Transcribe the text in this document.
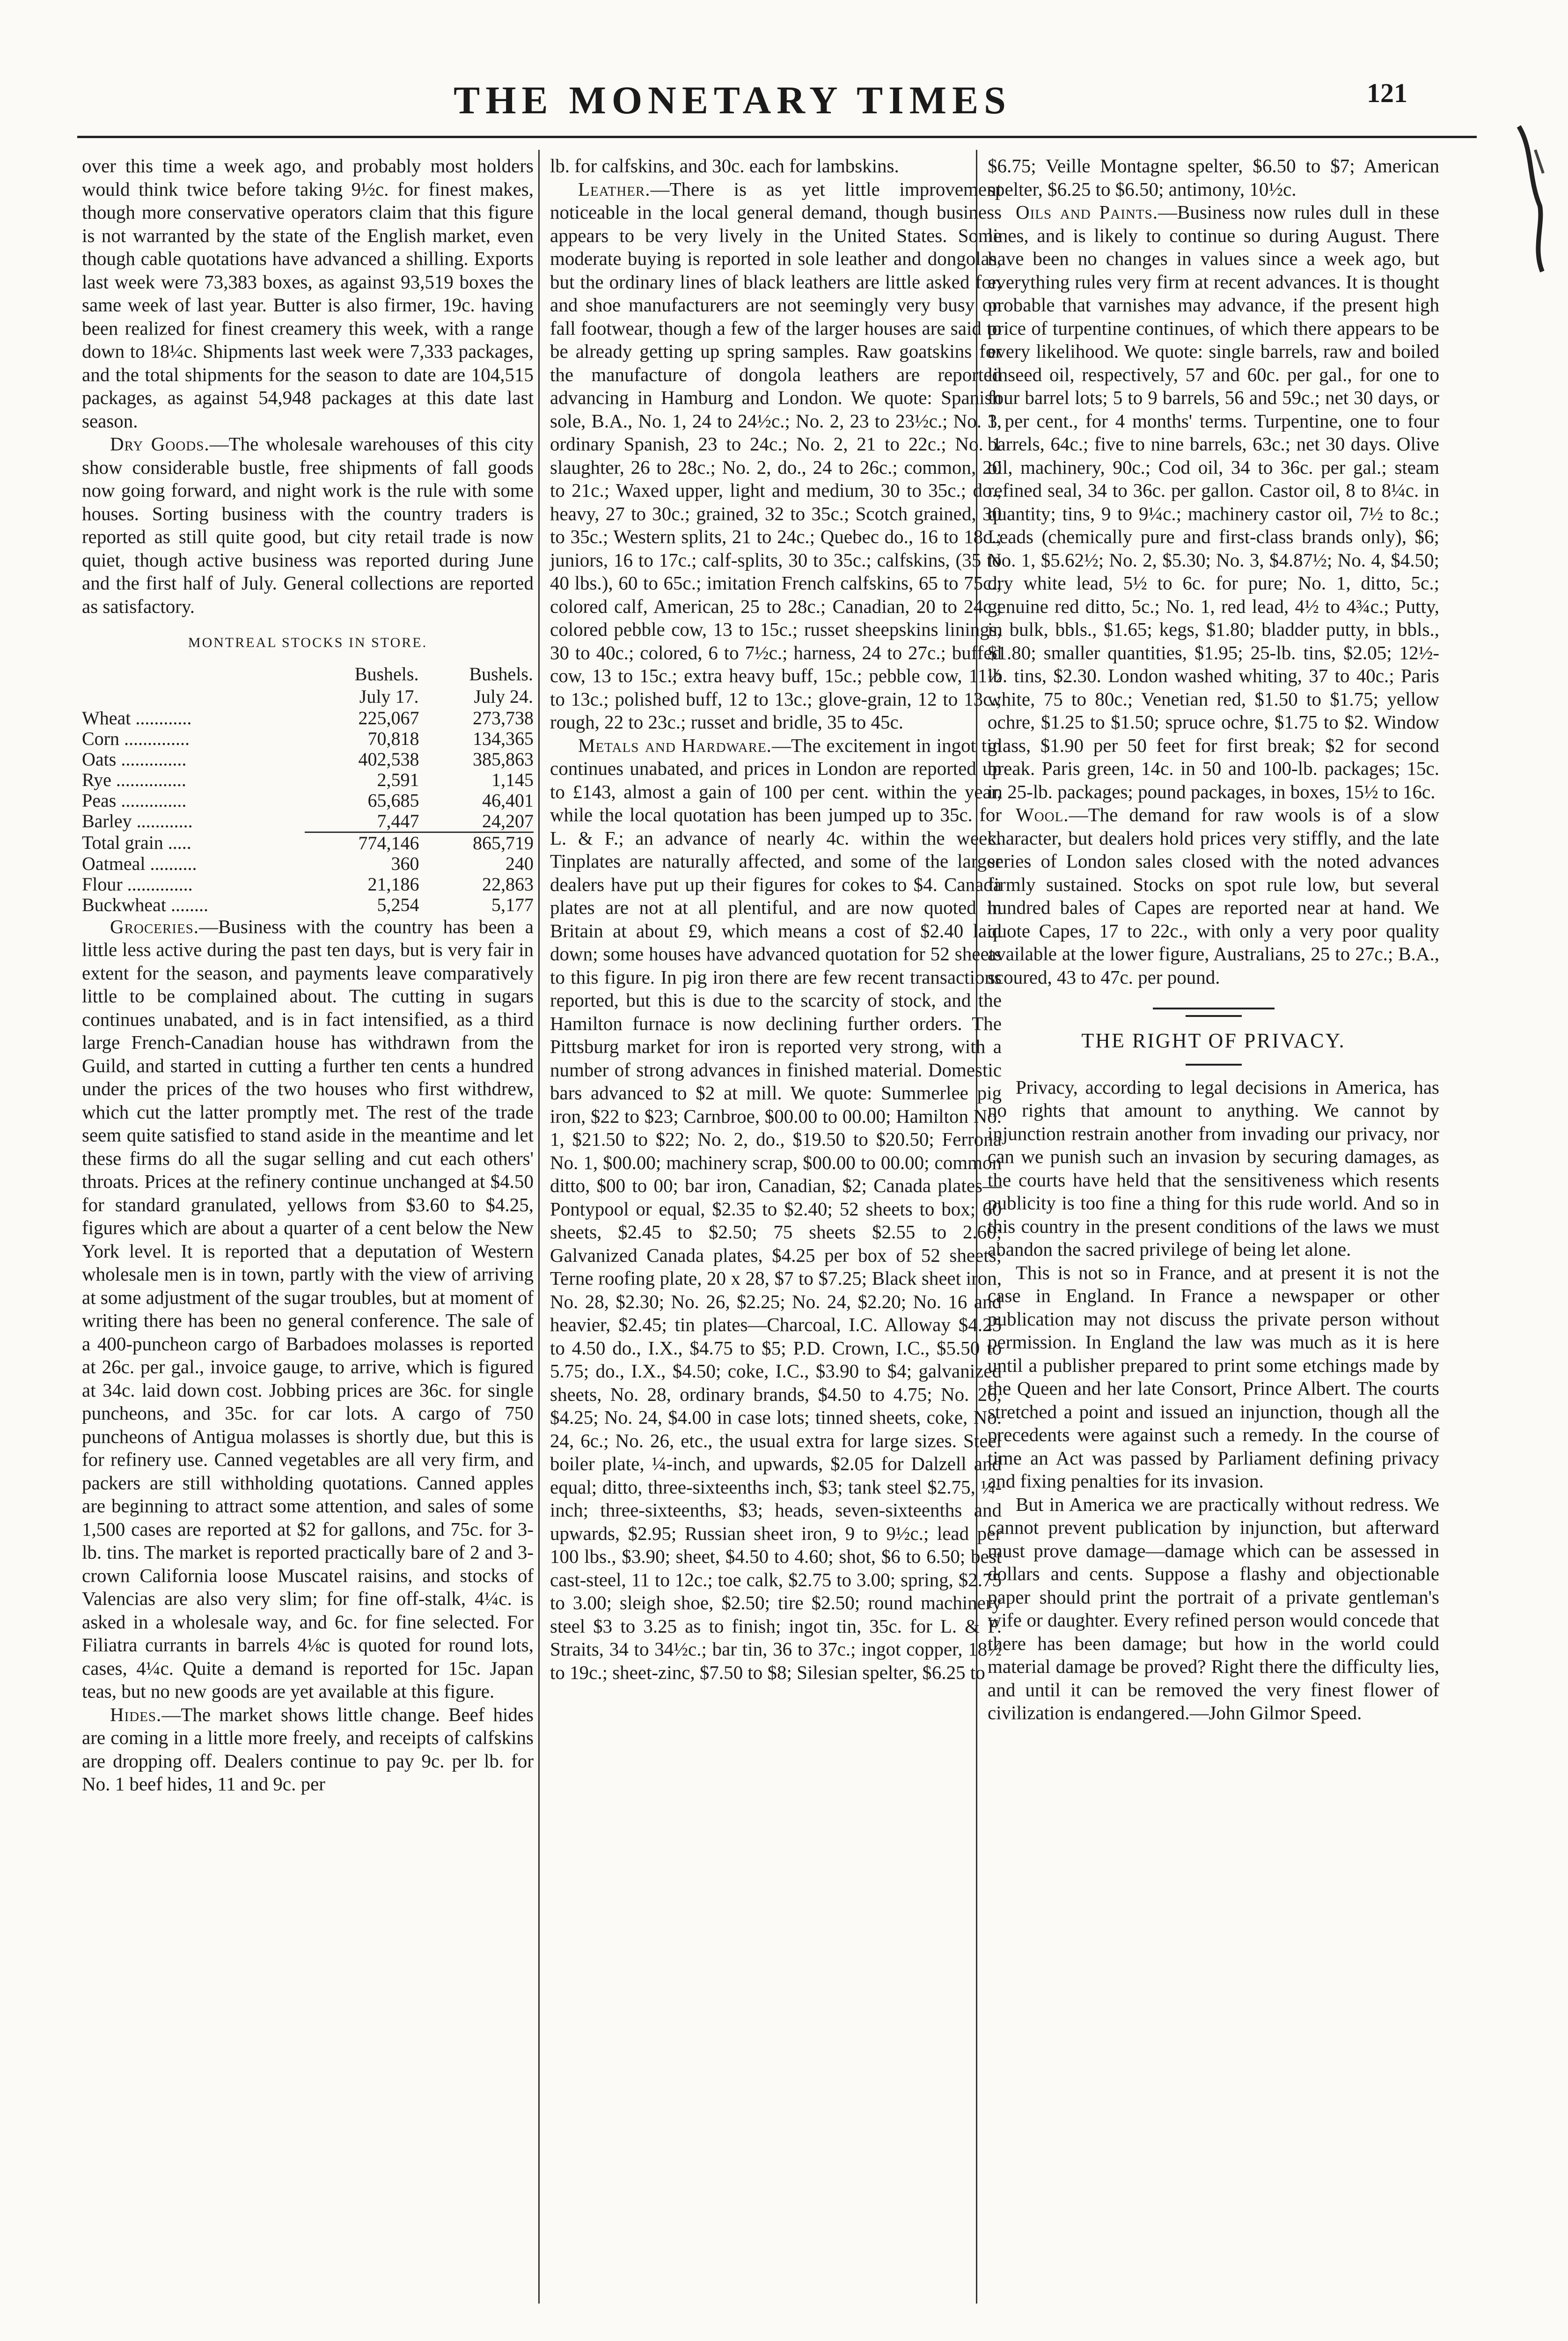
THE MONETARY TIMES	121

over this time a week ago, and probably most holders would think twice before taking 9½c. for finest makes, though more conservative operators claim that this figure is not warranted by the state of the English market, even though cable quotations have advanced a shilling. Exports last week were 73,383 boxes, as against 93,519 boxes the same week of last year. Butter is also firmer, 19c. having been realized for finest creamery this week, with a range down to 18¼c. Shipments last week were 7,333 packages, and the total shipments for the season to date are 104,515 packages, as against 54,948 packages at this date last season.

Dry Goods.—The wholesale warehouses of this city show considerable bustle, free shipments of fall goods now going forward, and night work is the rule with some houses. Sorting business with the country traders is reported as still quite good, but city retail trade is now quiet, though active business was reported during June and the first half of July. General collections are reported as satisfactory.

MONTREAL STOCKS IN STORE.

	Bushels.	Bushels.
	July 17.	July 24.
Wheat ............	225,067	273,738
Corn ..............	70,818	134,365
Oats ..............	402,538	385,863
Rye ...............	2,591	1,145
Peas ..............	65,685	46,401
Barley ............	7,447	24,207
Total grain .....	774,146	865,719
Oatmeal ..........	360	240
Flour ..............	21,186	22,863
Buckwheat ........	5,254	5,177

Groceries.—Business with the country has been a little less active during the past ten days, but is very fair in extent for the season, and payments leave comparatively little to be complained about. The cutting in sugars continues unabated, and is in fact intensified, as a third large French-Canadian house has withdrawn from the Guild, and started in cutting a further ten cents a hundred under the prices of the two houses who first withdrew, which cut the latter promptly met. The rest of the trade seem quite satisfied to stand aside in the meantime and let these firms do all the sugar selling and cut each others' throats. Prices at the refinery continue unchanged at $4.50 for standard granulated, yellows from $3.60 to $4.25, figures which are about a quarter of a cent below the New York level. It is reported that a deputation of Western wholesale men is in town, partly with the view of arriving at some adjustment of the sugar troubles, but at moment of writing there has been no general conference. The sale of a 400-puncheon cargo of Barbadoes molasses is reported at 26c. per gal., invoice gauge, to arrive, which is figured at 34c. laid down cost. Jobbing prices are 36c. for single puncheons, and 35c. for car lots. A cargo of 750 puncheons of Antigua molasses is shortly due, but this is for refinery use. Canned vegetables are all very firm, and packers are still withholding quotations. Canned apples are beginning to attract some attention, and sales of some 1,500 cases are reported at $2 for gallons, and 75c. for 3-lb. tins. The market is reported practically bare of 2 and 3-crown California loose Muscatel raisins, and stocks of Valencias are also very slim; for fine off-stalk, 4¼c. is asked in a wholesale way, and 6c. for fine selected. For Filiatra currants in barrels 4⅛c is quoted for round lots, cases, 4¼c. Quite a demand is reported for 15c. Japan teas, but no new goods are yet available at this figure.

Hides.—The market shows little change. Beef hides are coming in a little more freely, and receipts of calfskins are dropping off. Dealers continue to pay 9c. per lb. for No. 1 beef hides, 11 and 9c. per

lb. for calfskins, and 30c. each for lambskins.

Leather.—There is as yet little improvement noticeable in the local general demand, though business appears to be very lively in the United States. Some moderate buying is reported in sole leather and dongolas, but the ordinary lines of black leathers are little asked for, and shoe manufacturers are not seemingly very busy on fall footwear, though a few of the larger houses are said to be already getting up spring samples. Raw goatskins for the manufacture of dongola leathers are reported advancing in Hamburg and London. We quote: Spanish sole, B.A., No. 1, 24 to 24½c.; No. 2, 23 to 23½c.; No. 1, ordinary Spanish, 23 to 24c.; No. 2, 21 to 22c.; No. 1 slaughter, 26 to 28c.; No. 2, do., 24 to 26c.; common, 20 to 21c.; Waxed upper, light and medium, 30 to 35c.; do., heavy, 27 to 30c.; grained, 32 to 35c.; Scotch grained, 30 to 35c.; Western splits, 21 to 24c.; Quebec do., 16 to 18c.; juniors, 16 to 17c.; calf-splits, 30 to 35c.; calfskins, (35 to 40 lbs.), 60 to 65c.; imitation French calfskins, 65 to 75c.; colored calf, American, 25 to 28c.; Canadian, 20 to 24c.; colored pebble cow, 13 to 15c.; russet sheepskins linings, 30 to 40c.; colored, 6 to 7½c.; harness, 24 to 27c.; buffed cow, 13 to 15c.; extra heavy buff, 15c.; pebble cow, 11½ to 13c.; polished buff, 12 to 13c.; glove-grain, 12 to 13c.; rough, 22 to 23c.; russet and bridle, 35 to 45c.

Metals and Hardware.—The excitement in ingot tin continues unabated, and prices in London are reported up to £143, almost a gain of 100 per cent. within the year, while the local quotation has been jumped up to 35c. for L. & F.; an advance of nearly 4c. within the week. Tinplates are naturally affected, and some of the larger dealers have put up their figures for cokes to $4. Canada plates are not at all plentiful, and are now quoted in Britain at about £9, which means a cost of $2.40 laid down; some houses have advanced quotation for 52 sheets to this figure. In pig iron there are few recent transactions reported, but this is due to the scarcity of stock, and the Hamilton furnace is now declining further orders. The Pittsburg market for iron is reported very strong, with a number of strong advances in finished material. Domestic bars advanced to $2 at mill. We quote: Summerlee pig iron, $22 to $23; Carnbroe, $00.00 to 00.00; Hamilton No. 1, $21.50 to $22; No. 2, do., $19.50 to $20.50; Ferrona No. 1, $00.00; machinery scrap, $00.00 to 00.00; common ditto, $00 to 00; bar iron, Canadian, $2; Canada plates—Pontypool or equal, $2.35 to $2.40; 52 sheets to box; 60 sheets, $2.45 to $2.50; 75 sheets $2.55 to 2.60; Galvanized Canada plates, $4.25 per box of 52 sheets; Terne roofing plate, 20 x 28, $7 to $7.25; Black sheet iron, No. 28, $2.30; No. 26, $2.25; No. 24, $2.20; No. 16 and heavier, $2.45; tin plates—Charcoal, I.C. Alloway $4.25 to 4.50 do., I.X., $4.75 to $5; P.D. Crown, I.C., $5.50 to 5.75; do., I.X., $4.50; coke, I.C., $3.90 to $4; galvanized sheets, No. 28, ordinary brands, $4.50 to 4.75; No. 26, $4.25; No. 24, $4.00 in case lots; tinned sheets, coke, No. 24, 6c.; No. 26, etc., the usual extra for large sizes. Steel boiler plate, ¼-inch, and upwards, $2.05 for Dalzell and equal; ditto, three-sixteenths inch, $3; tank steel $2.75, ¼-inch; three-sixteenths, $3; heads, seven-sixteenths and upwards, $2.95; Russian sheet iron, 9 to 9½c.; lead per 100 lbs., $3.90; sheet, $4.50 to 4.60; shot, $6 to 6.50; best cast-steel, 11 to 12c.; toe calk, $2.75 to 3.00; spring, $2.75 to 3.00; sleigh shoe, $2.50; tire $2.50; round machinery steel $3 to 3.25 as to finish; ingot tin, 35c. for L. & F. Straits, 34 to 34½c.; bar tin, 36 to 37c.; ingot copper, 18½ to 19c.; sheet-zinc, $7.50 to $8; Silesian spelter, $6.25 to

$6.75; Veille Montagne spelter, $6.50 to $7; American spelter, $6.25 to $6.50; antimony, 10½c.

Oils and Paints.—Business now rules dull in these lines, and is likely to continue so during August. There have been no changes in values since a week ago, but everything rules very firm at recent advances. It is thought probable that varnishes may advance, if the present high price of turpentine continues, of which there appears to be every likelihood. We quote: single barrels, raw and boiled linseed oil, respectively, 57 and 60c. per gal., for one to four barrel lots; 5 to 9 barrels, 56 and 59c.; net 30 days, or 3 per cent., for 4 months' terms. Turpentine, one to four barrels, 64c.; five to nine barrels, 63c.; net 30 days. Olive oil, machinery, 90c.; Cod oil, 34 to 36c. per gal.; steam refined seal, 34 to 36c. per gallon. Castor oil, 8 to 8¼c. in quantity; tins, 9 to 9¼c.; machinery castor oil, 7½ to 8c.; Leads (chemically pure and first-class brands only), $6; No. 1, $5.62½; No. 2, $5.30; No. 3, $4.87½; No. 4, $4.50; dry white lead, 5½ to 6c. for pure; No. 1, ditto, 5c.; genuine red ditto, 5c.; No. 1, red lead, 4½ to 4¾c.; Putty, in bulk, bbls., $1.65; kegs, $1.80; bladder putty, in bbls., $1.80; smaller quantities, $1.95; 25-lb. tins, $2.05; 12½-lb. tins, $2.30. London washed whiting, 37 to 40c.; Paris white, 75 to 80c.; Venetian red, $1.50 to $1.75; yellow ochre, $1.25 to $1.50; spruce ochre, $1.75 to $2. Window glass, $1.90 per 50 feet for first break; $2 for second break. Paris green, 14c. in 50 and 100-lb. packages; 15c. in 25-lb. packages; pound packages, in boxes, 15½ to 16c.

Wool.—The demand for raw wools is of a slow character, but dealers hold prices very stiffly, and the late series of London sales closed with the noted advances firmly sustained. Stocks on spot rule low, but several hundred bales of Capes are reported near at hand. We quote Capes, 17 to 22c., with only a very poor quality available at the lower figure, Australians, 25 to 27c.; B.A., scoured, 43 to 47c. per pound.

THE RIGHT OF PRIVACY.

Privacy, according to legal decisions in America, has no rights that amount to anything. We cannot by injunction restrain another from invading our privacy, nor can we punish such an invasion by securing damages, as the courts have held that the sensitiveness which resents publicity is too fine a thing for this rude world. And so in this country in the present conditions of the laws we must abandon the sacred privilege of being let alone.

This is not so in France, and at present it is not the case in England. In France a newspaper or other publication may not discuss the private person without permission. In England the law was much as it is here until a publisher prepared to print some etchings made by the Queen and her late Consort, Prince Albert. The courts stretched a point and issued an injunction, though all the precedents were against such a remedy. In the course of time an Act was passed by Parliament defining privacy and fixing penalties for its invasion.

But in America we are practically without redress. We cannot prevent publication by injunction, but afterward must prove damage—damage which can be assessed in dollars and cents. Suppose a flashy and objectionable paper should print the portrait of a private gentleman's wife or daughter. Every refined person would concede that there has been damage; but how in the world could material damage be proved? Right there the difficulty lies, and until it can be removed the very finest flower of civilization is endangered.—John Gilmor Speed.
